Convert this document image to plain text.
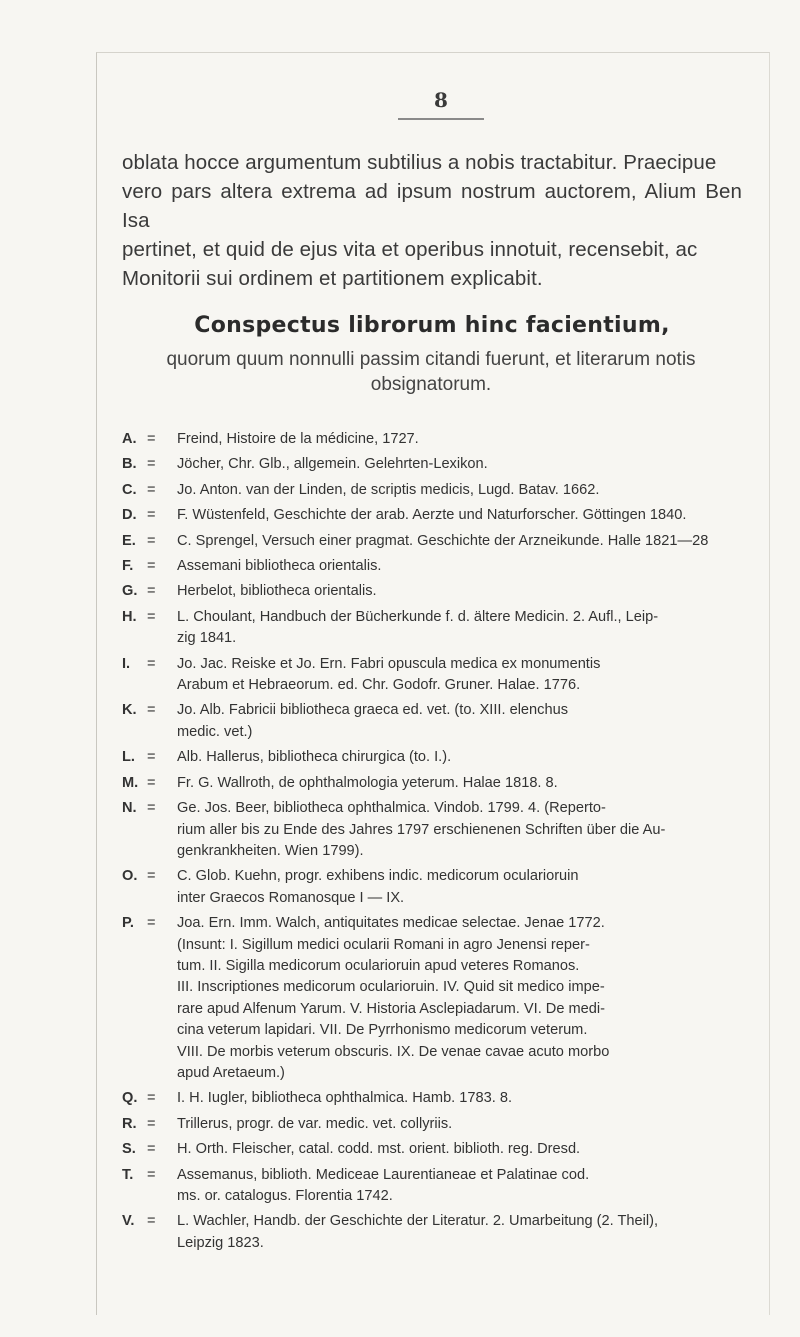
8

oblata hocce argumentum subtilius a nobis tractabitur. Praecipue
vero pars altera extrema ad ipsum nostrum auctorem, Alium Ben Isa
pertinet, et quid de ejus vita et operibus innotuit, recensebit, ac
Monitorii sui ordinem et partitionem explicabit.

Conspectus librorum hinc facientium,
quorum quum nonnulli passim citandi fuerunt, et literarum notis
obsignatorum.
A. =	Freind, Histoire de la médicine, 1727.
B. =	Jöcher, Chr. Glb., allgemein. Gelehrten-Lexikon.
C. =	Jo. Anton. van der Linden, de scriptis medicis, Lugd. Batav. 1662.
D. =	F. Wüstenfeld, Geschichte der arab. Aerzte und Naturforscher. Göttingen 1840.
E. =	C. Sprengel, Versuch einer pragmat. Geschichte der Arzneikunde. Halle 1821—28
F. =	Assemani bibliotheca orientalis.
G. =	Herbelot, bibliotheca orientalis.
H. =	L. Choulant, Handbuch der Bücherkunde f. d. ältere Medicin. 2. Aufl., Leip-
zig 1841.
I.	=	Jo. Jac. Reiske et Jo. Ern. Fabri opuscula medica ex monumentis
Arabum et Hebraeorum. ed. Chr. Godofr. Gruner. Halae. 1776.
K. =	Jo. Alb. Fabricii bibliotheca graeca ed. vet. (to. XIII. elenchus
medic. vet.)
L. =	Alb. Hallerus, bibliotheca chirurgica (to. I.).
M. =	Fr. G. Wallroth, de ophthalmologia yeterum. Halae 1818. 8.
N. =	Ge. Jos. Beer, bibliotheca ophthalmica. Vindob. 1799. 4. (Reperto-
rium aller bis zu Ende des Jahres 1797 erschienenen Schriften über die Au-
genkrankheiten. Wien 1799).
O. =	C. Glob. Kuehn, progr. exhibens indic. medicorum ocularioruin
inter Graecos Romanosque I — IX.
P. =	Joa. Ern. Imm. Walch, antiquitates medicae selectae. Jenae 1772.
(Insunt: I. Sigillum medici ocularii Romani in agro Jenensi reper-
tum. II. Sigilla medicorum ocularioruin apud veteres Romanos.
III. Inscriptiones medicorum ocularioruin. IV. Quid sit medico impe-
rare apud Alfenum Yarum. V. Historia Asclepiadarum. VI. De medi-
cina veterum lapidari. VII. De Pyrrhonismo medicorum veterum.
VIII. De morbis veterum obscuris. IX. De venae cavae acuto morbo
apud Aretaeum.)
Q. =	I. H. Iugler, bibliotheca ophthalmica. Hamb. 1783. 8.
R. =	Trillerus, progr. de var. medic. vet. collyriis.
S. =	H. Orth. Fleischer, catal. codd. mst. orient. biblioth. reg. Dresd.
T. =	Assemanus, biblioth. Mediceae Laurentianeae et Palatinae cod.
ms. or. catalogus. Florentia 1742.
V. =	L. Wachler, Handb. der Geschichte der Literatur. 2. Umarbeitung (2. Theil),
Leipzig 1823.
